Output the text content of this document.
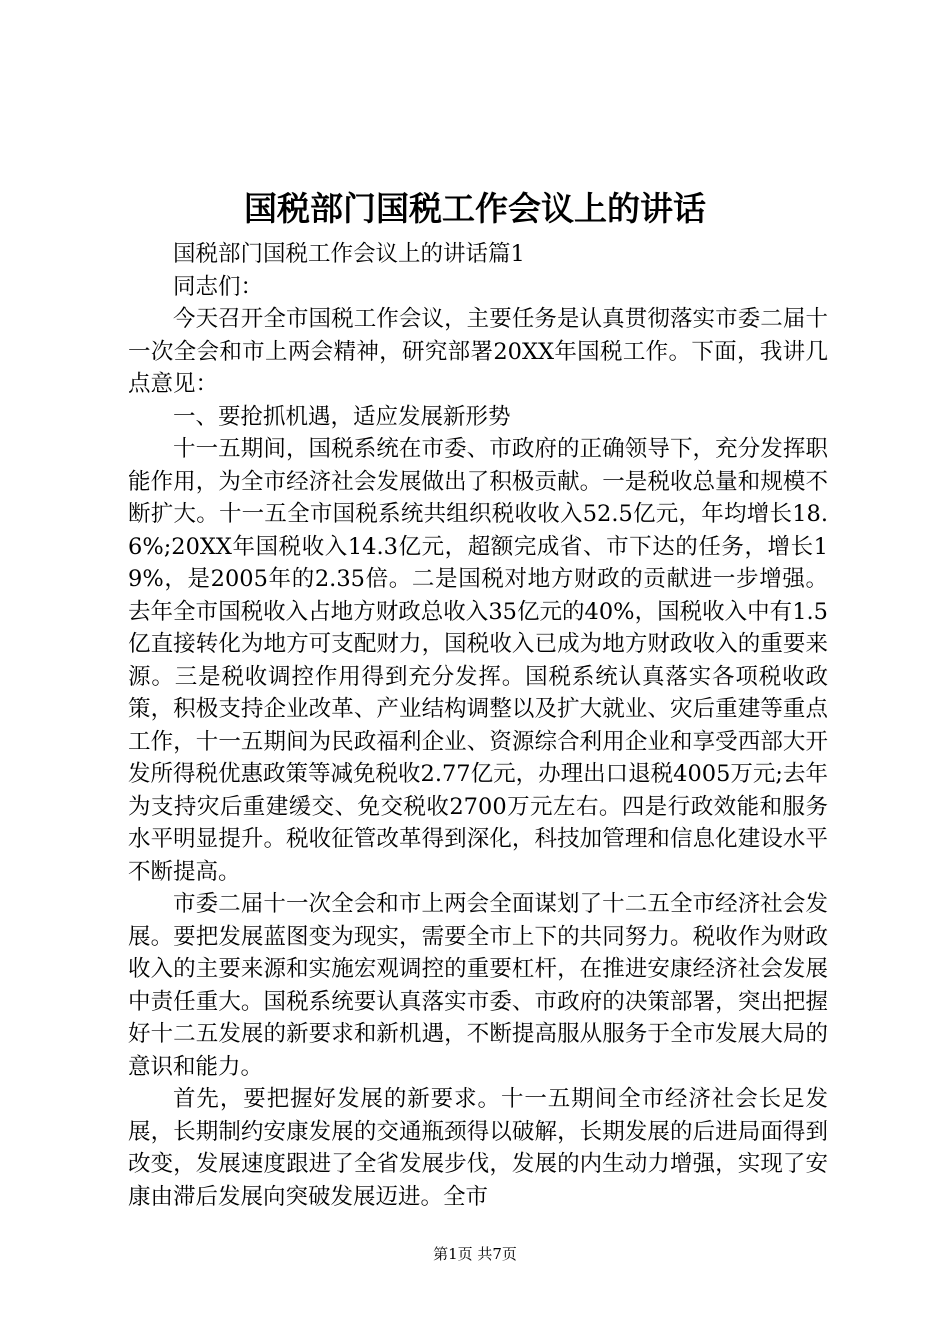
国税部门国税工作会议上的讲话

国税部门国税工作会议上的讲话篇1

同志们：

今天召开全市国税工作会议，主要任务是认真贯彻落实市委二届十一次全会和市上两会精神，研究部署20XX年国税工作。下面，我讲几点意见：

一、要抢抓机遇，适应发展新形势

十一五期间，国税系统在市委、市政府的正确领导下，充分发挥职能作用，为全市经济社会发展做出了积极贡献。一是税收总量和规模不断扩大。十一五全市国税系统共组织税收收入52.5亿元，年均增长18.6%;20XX年国税收入14.3亿元，超额完成省、市下达的任务，增长19%，是2005年的2.35倍。二是国税对地方财政的贡献进一步增强。去年全市国税收入占地方财政总收入35亿元的40%，国税收入中有1.5亿直接转化为地方可支配财力，国税收入已成为地方财政收入的重要来源。三是税收调控作用得到充分发挥。国税系统认真落实各项税收政策，积极支持企业改革、产业结构调整以及扩大就业、灾后重建等重点工作，十一五期间为民政福利企业、资源综合利用企业和享受西部大开发所得税优惠政策等减免税收2.77亿元，办理出口退税4005万元;去年为支持灾后重建缓交、免交税收2700万元左右。四是行政效能和服务水平明显提升。税收征管改革得到深化，科技加管理和信息化建设水平不断提高。

市委二届十一次全会和市上两会全面谋划了十二五全市经济社会发展。要把发展蓝图变为现实，需要全市上下的共同努力。税收作为财政收入的主要来源和实施宏观调控的重要杠杆，在推进安康经济社会发展中责任重大。国税系统要认真落实市委、市政府的决策部署，突出把握好十二五发展的新要求和新机遇，不断提高服从服务于全市发展大局的意识和能力。

首先，要把握好发展的新要求。十一五期间全市经济社会长足发展，长期制约安康发展的交通瓶颈得以破解，长期发展的后进局面得到改变，发展速度跟进了全省发展步伐，发展的内生动力增强，实现了安康由滞后发展向突破发展迈进。全市

第1页 共7页
